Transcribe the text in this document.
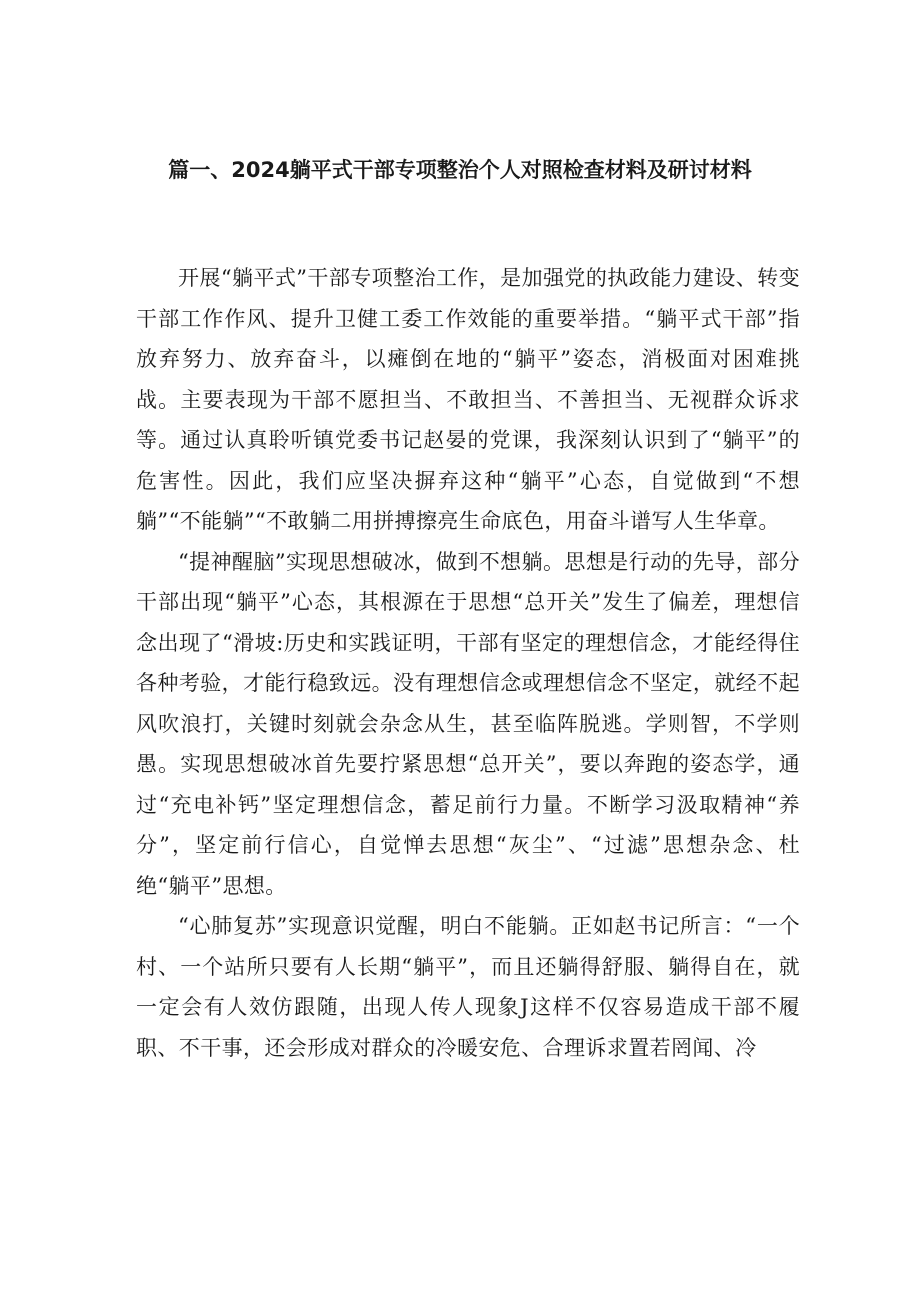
篇一、2024躺平式干部专项整治个人对照检查材料及研讨材料

开展“躺平式”干部专项整治工作，是加强党的执政能力建设、转变干部工作作风、提升卫健工委工作效能的重要举措。“躺平式干部”指放弃努力、放弃奋斗，以瘫倒在地的“躺平”姿态，消极面对困难挑战。主要表现为干部不愿担当、不敢担当、不善担当、无视群众诉求等。通过认真聆听镇党委书记赵晏的党课，我深刻认识到了“躺平”的危害性。因此，我们应坚决摒弃这种“躺平”心态，自觉做到“不想躺”“不能躺”“不敢躺二用拼搏擦亮生命底色，用奋斗谱写人生华章。

“提神醒脑”实现思想破冰，做到不想躺。思想是行动的先导，部分干部出现“躺平”心态，其根源在于思想“总开关”发生了偏差，理想信念出现了“滑坡:历史和实践证明，干部有坚定的理想信念，才能经得住各种考验，才能行稳致远。没有理想信念或理想信念不坚定，就经不起风吹浪打，关键时刻就会杂念从生，甚至临阵脱逃。学则智，不学则愚。实现思想破冰首先要拧紧思想“总开关”，要以奔跑的姿态学，通过“充电补钙”坚定理想信念，蓄足前行力量。不断学习汲取精神“养分”，坚定前行信心，自觉惮去思想“灰尘”、“过滤”思想杂念、杜绝“躺平”思想。

“心肺复苏”实现意识觉醒，明白不能躺。正如赵书记所言：“一个村、一个站所只要有人长期“躺平”，而且还躺得舒服、躺得自在，就一定会有人效仿跟随，出现人传人现象J这样不仅容易造成干部不履职、不干事，还会形成对群众的冷暖安危、合理诉求置若罔闻、冷
